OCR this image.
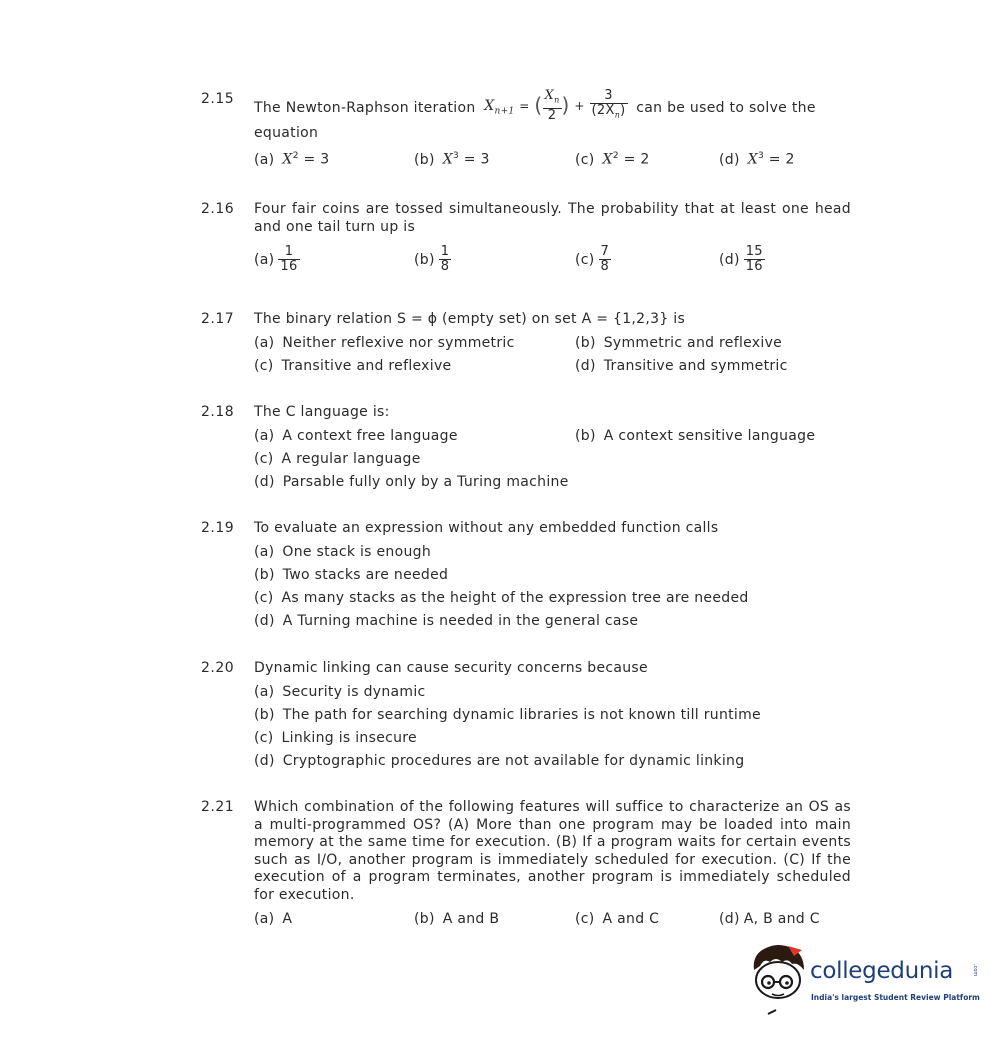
2.15
The Newton-Raphson iteration $X_{n+1}$ = ( $\frac{X_n}{2}$ ) + $\frac{3}{(2X_n)}$ can be used to solve the
equation
(a) $X^2 = 3$	(b) $X^3 = 3$	(c) $X^2 = 2$	(d) $X^3 = 2$
2.16 Four fair coins are tossed simultaneously. The probability that at least one head and one tail turn up is
$(a) \frac{1}{16}$	$(b) \frac{1}{8}$	$(c) \frac{7}{8}$	$(d) \frac{15}{16}$
2.17 The binary relation S = ϕ (empty set) on set A = {1,2,3} is
(a) Neither reflexive nor symmetric	(b) Symmetric and reflexive
(c) Transitive and reflexive	(d) Transitive and symmetric
2.18 The C language is:
(a) A context free language	(b) A context sensitive language
(c) A regular language
(d) Parsable fully only by a Turing machine
2.19 To evaluate an expression without any embedded function calls
(a) One stack is enough
(b) Two stacks are needed
(c) As many stacks as the height of the expression tree are needed
(d) A Turning machine is needed in the general case
2.20 Dynamic linking can cause security concerns because
(a) Security is dynamic
(b) The path for searching dynamic libraries is not known till runtime
(c) Linking is insecure
(d) Cryptographic procedures are not available for dynamic linking
2.21 Which combination of the following features will suffice to characterize an OS as a multi-programmed OS? (A) More than one program may be loaded into main memory at the same time for execution. (B) If a program waits for certain events such as I/O, another program is immediately scheduled for execution. (C) If the execution of a program terminates, another program is immediately scheduled for execution.
(a) A	(b) A and B	(c) A and C	(d) A, B and C
collegedunia	.com
India's largest Student Review Platform
